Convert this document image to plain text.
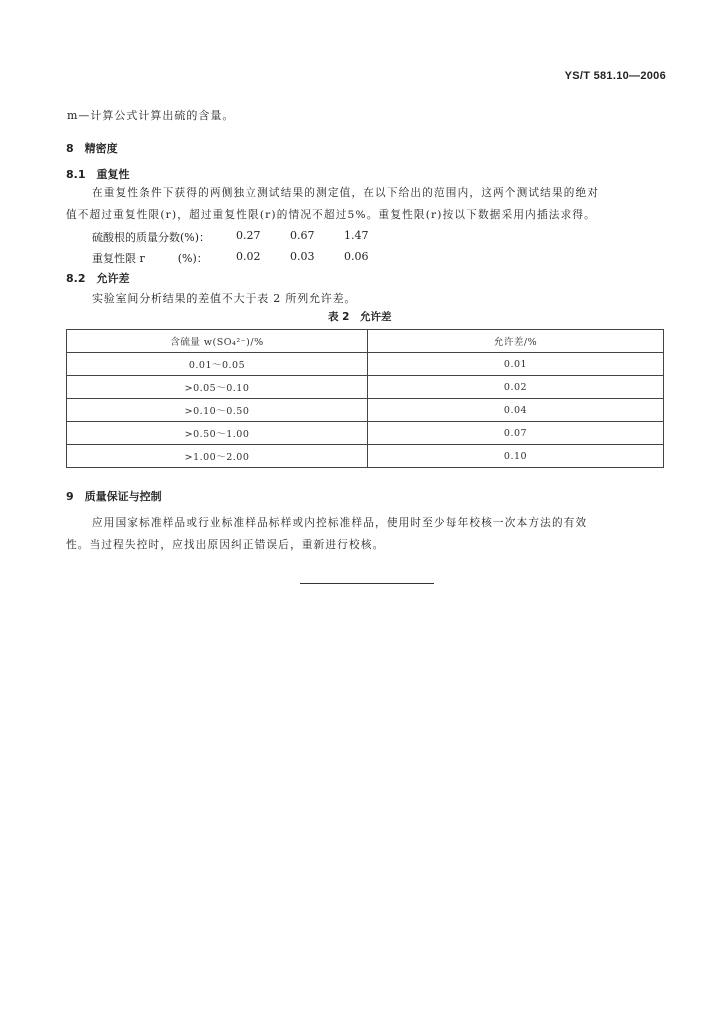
YS/T 581.10—2006
m—计算公式计算出硫的含量。
8　精密度
8.1　重复性
在重复性条件下获得的两侧独立测试结果的测定值，在以下给出的范围内，这两个测试结果的绝对
值不超过重复性限(r)，超过重复性限(r)的情况不超过5%。重复性限(r)按以下数据采用内插法求得。
硫酸根的质量分数(%)： 0.27	0.67	1.47
重复性限 r　　　(%)：	0.02	0.03	0.06
8.2　允许差
实验室间分析结果的差值不大于表 2 所列允许差。
表 2　允许差
含硫量 w(SO₄²⁻)/%	允许差/%
0.01～0.05	0.01
>0.05～0.10	0.02
>0.10～0.50	0.04
>0.50～1.00	0.07
>1.00～2.00	0.10
9　质量保证与控制
应用国家标准样品或行业标准样品标样或内控标准样品，使用时至少每年校核一次本方法的有效
性。当过程失控时，应找出原因纠正错误后，重新进行校核。
